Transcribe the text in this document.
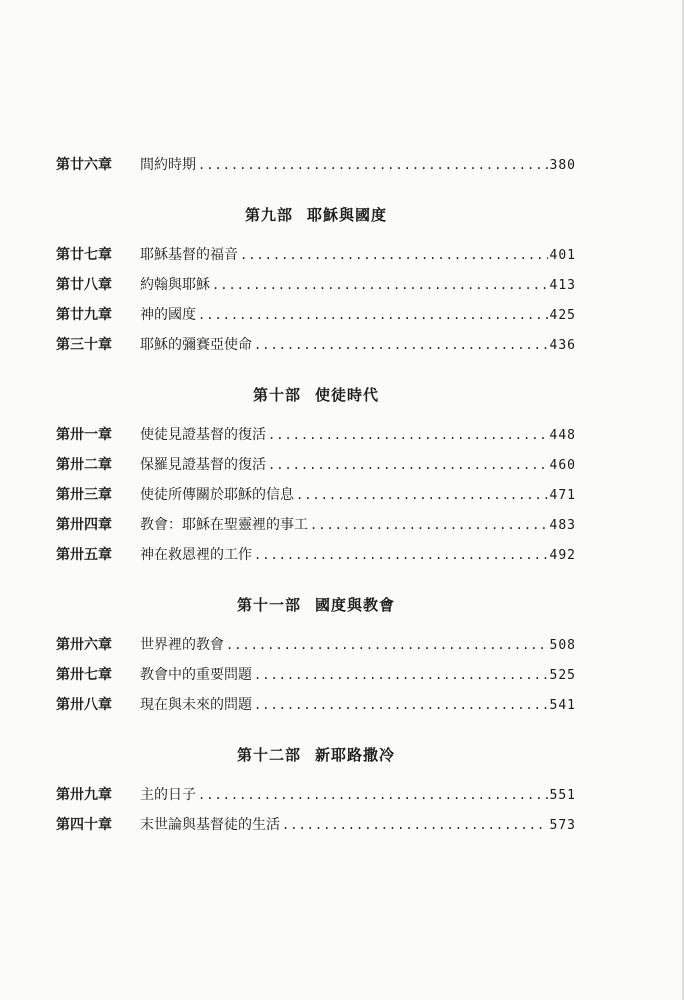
第廿六章	間約時期 .....	380
第九部 耶穌與國度
第廿七章	耶穌基督的福音 .....	401
第廿八章	約翰與耶穌 .....	413
第廿九章	神的國度 .....	425
第三十章	耶穌的彌賽亞使命 .....	436
第十部 使徒時代
第卅一章	使徒見證基督的復活 .....	448
第卅二章	保羅見證基督的復活 .....	460
第卅三章	使徒所傳關於耶穌的信息 .....	471
第卅四章	教會：耶穌在聖靈裡的事工 .....	483
第卅五章	神在救恩裡的工作 .....	492
第十一部 國度與教會
第卅六章	世界裡的教會 .....	508
第卅七章	教會中的重要問題 .....	525
第卅八章	現在與未來的問題 .....	541
第十二部 新耶路撒冷
第卅九章	主的日子 .....	551
第四十章	末世論與基督徒的生活 .....	573
